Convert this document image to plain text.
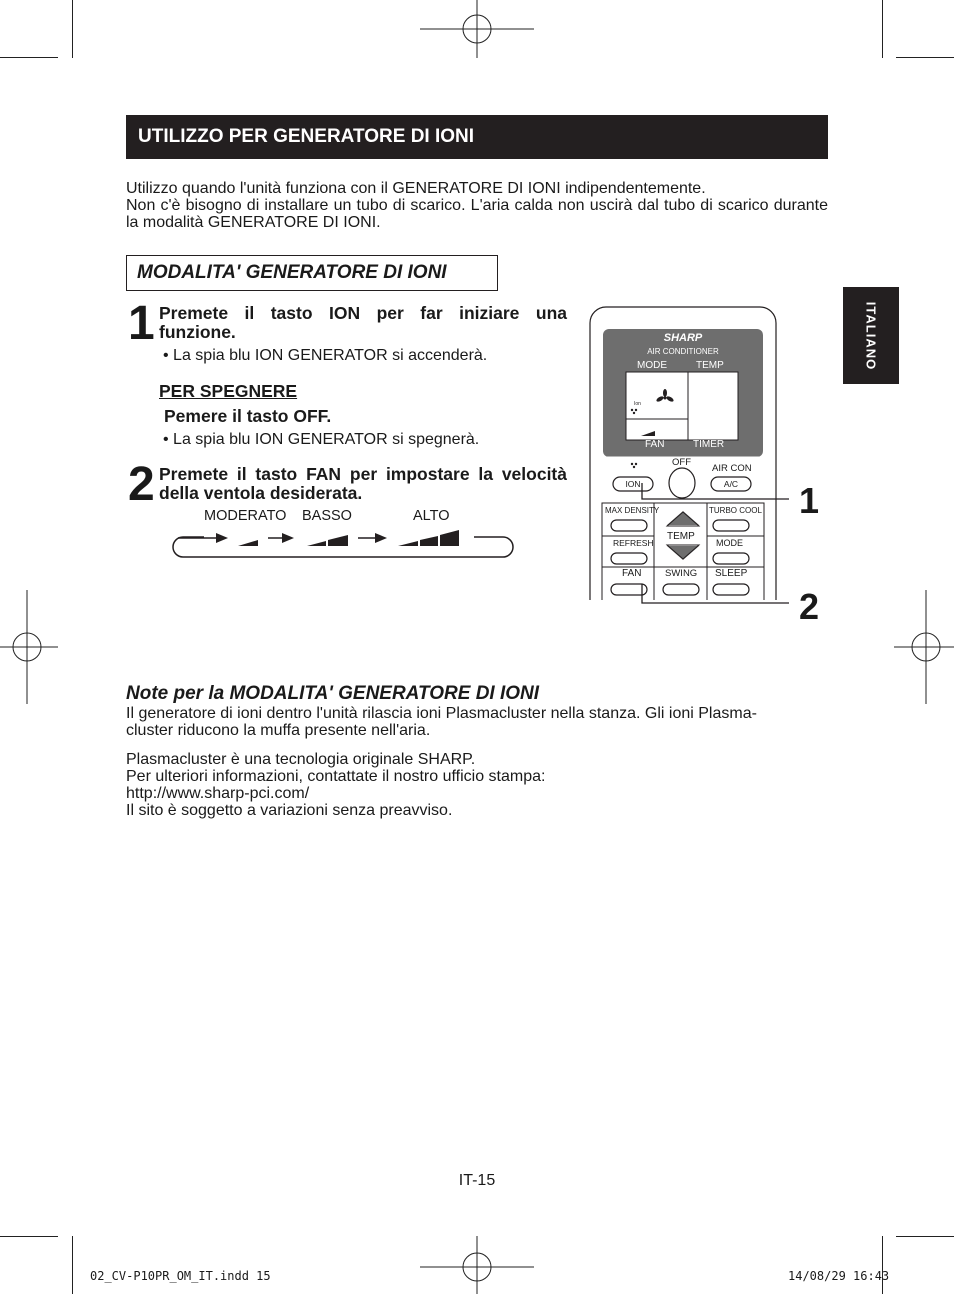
UTILIZZO PER GENERATORE DI IONI

Utilizzo quando l'unità funziona con il GENERATORE DI IONI indipendentemente.

Non c'è bisogno di installare un tubo di scarico. L'aria calda non uscirà dal tubo di scarico durante la modalità GENERATORE DI IONI.

MODALITA' GENERATORE DI IONI
1 Premete il tasto ION per far iniziare una funzione.
• La spia blu ION GENERATOR si accenderà.
PER SPEGNERE
Pemere il tasto OFF.
• La spia blu ION GENERATOR si spegnerà.
2 Premete il tasto FAN per impostare la velocità della ventola desiderata.
MODERATO BASSO	ALTO
SHARP
AIR CONDITIONER
MODE	TEMP
Ion
FAN	TIMER
OFF
AIR CON
ION	A/C
MAX DENSITY	TURBO COOL
TEMP
REFRESH	MODE
FAN SWING SLEEP
1
2
ITALIANO
Note per la MODALITA' GENERATORE DI IONI

Il generatore di ioni dentro l'unità rilascia ioni Plasmacluster nella stanza. Gli ioni Plasma-

cluster riducono la muffa presente nell'aria.

Plasmacluster è una tecnologia originale SHARP.

Per ulteriori informazioni, contattate il nostro ufficio stampa:

http://www.sharp-pci.com/

Il sito è soggetto a variazioni senza preavviso.

IT-15
02_CV-P10PR_OM_IT.indd 15	14/08/29 16:43
